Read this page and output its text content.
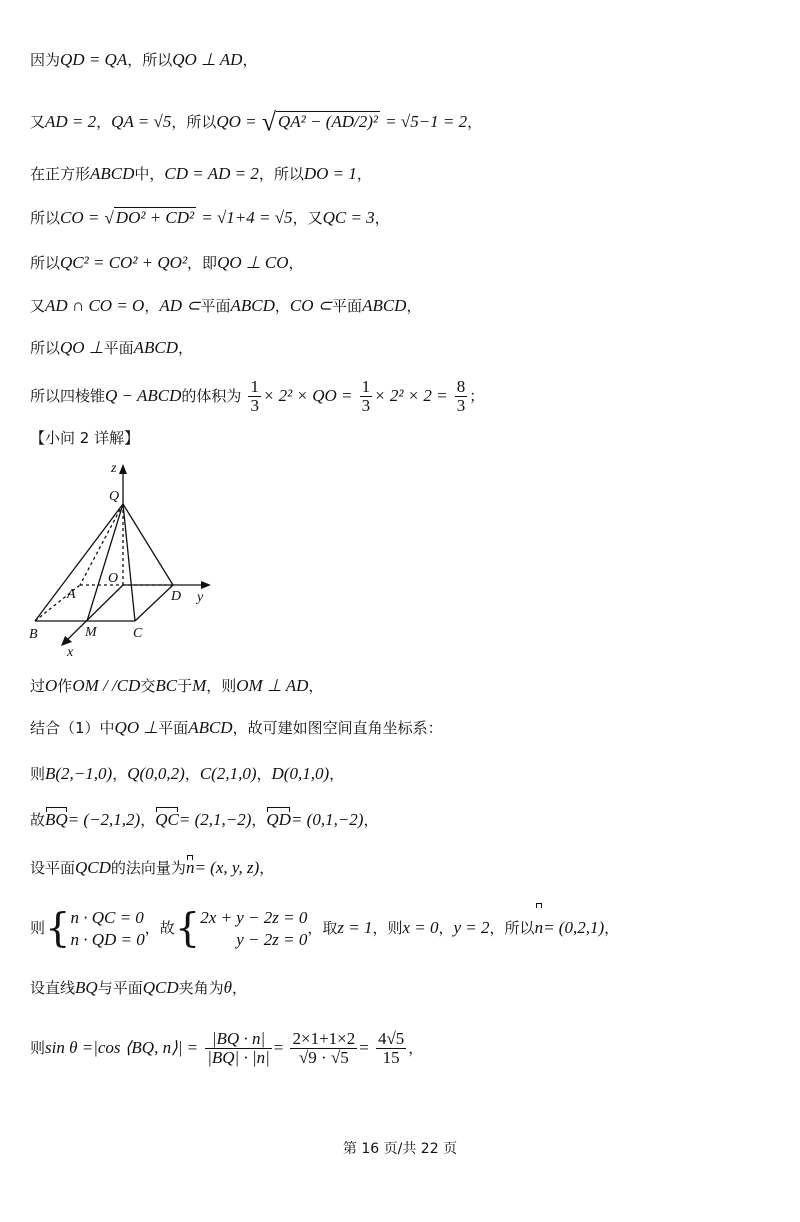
因为QD = QA，所以QO ⊥ AD，
又AD = 2，QA = √5，所以QO = √ QA² − (AD/2)² = √5−1 = 2，
在正方形ABCD中，CD = AD = 2，所以DO = 1，
所以CO = √ DO² + CD² = √1+4 = √5，又QC = 3，
所以QC² = CO² + QO²，即QO ⊥ CO，
又AD ∩ CO = O，AD ⊂平面ABCD，CO ⊂平面ABCD，
所以QO ⊥平面ABCD，
所以四棱锥Q − ABCD的体积为 $\frac{1}{3} \times 2^2$ × QO = $\frac{1}{3} \times 2^2 \times 2 = \frac{8}{3}$ ；
【小问 2 详解】
z
Q
O
A	D y
B	M	C
x
过O作OM / /CD交BC于M，则OM ⊥ AD，
结合（1）中QO ⊥平面ABCD，故可建如图空间直角坐标系：
则B(2,−1,0)，Q(0,0,2)，C(2,1,0)，D(0,1,0)，
故BQ= (−2,1,2)，QC= (2,1,−2)，QD= (0,1,−2)，
设平面QCD的法向量为n= (x, y, z)，
则{ n · QC = 0
n · QD = 0
，故{ 2x + y − 2z = 0
y − 2z = 0
，取z = 1，则x = 0，y = 2，所以n= (0,2,1)，
设直线BQ与平面QCD夹角为θ，
则sin θ =|cos ⟨BQ, n⟩| = $\frac{|BQ \cdot n|}{|BQ| \cdot |n|} = \frac{2\times 1+1\times 2}{√9 \cdot √5} = \frac{4√5}{15}$ ，
第 16 页/共 22 页
